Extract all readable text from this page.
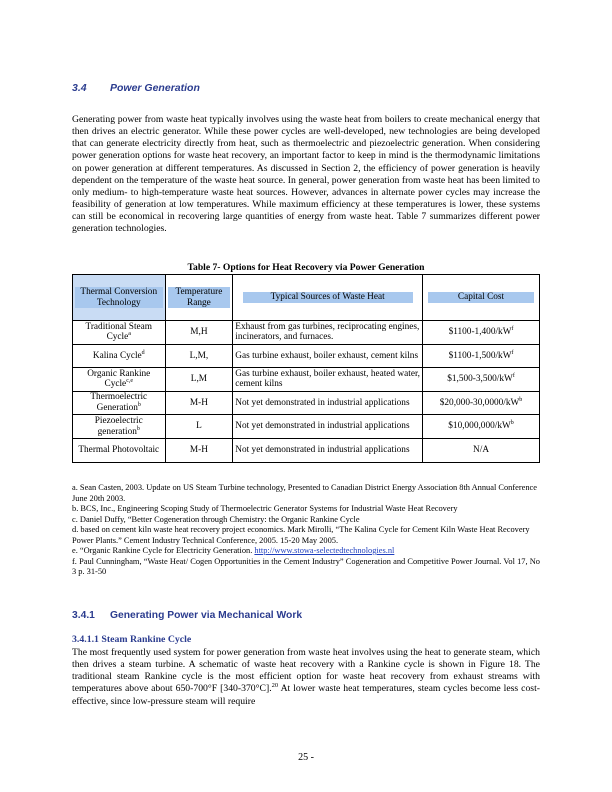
3.4 Power Generation
Generating power from waste heat typically involves using the waste heat from boilers to create mechanical energy that then drives an electric generator. While these power cycles are well-developed, new technologies are being developed that can generate electricity directly from heat, such as thermoelectric and piezoelectric generation. When considering power generation options for waste heat recovery, an important factor to keep in mind is the thermodynamic limitations on power generation at different temperatures. As discussed in Section 2, the efficiency of power generation is heavily dependent on the temperature of the waste heat source. In general, power generation from waste heat has been limited to only medium- to high-temperature waste heat sources. However, advances in alternate power cycles may increase the feasibility of generation at low temperatures. While maximum efficiency at these temperatures is lower, these systems can still be economical in recovering large quantities of energy from waste heat. Table 7 summarizes different power generation technologies.
Table 7- Options for Heat Recovery via Power Generation
Thermal Conversion Technology	Temperature Range	Typical Sources of Waste Heat	Capital Cost
Traditional Steam Cycle$^a$	M,H	Exhaust from gas turbines, reciprocating engines, incinerators, and furnaces.	$\$1100-1,400/kW^f$
Kalina Cycle$^d$	L,M,	Gas turbine exhaust, boiler exhaust, cement kilns	$\$1100-1,500/kW^f$
Organic Rankine Cycle$^{c,e}$	L,M	Gas turbine exhaust, boiler exhaust, heated water, cement kilns	$\$1,500-3,500/kW^f$
Thermoelectric Generation$^b$	M-H	Not yet demonstrated in industrial applications	$\$20,000-30,0000/kW^b$
Piezoelectric generation$^b$	L	Not yet demonstrated in industrial applications	$\$10,000,000/kW^b$
Thermal Photovoltaic	M-H	Not yet demonstrated in industrial applications	N/A
a. Sean Casten, 2003. Update on US Steam Turbine technology, Presented to Canadian District Energy Association 8th Annual Conference June 20th 2003.
b. BCS, Inc., Engineering Scoping Study of Thermoelectric Generator Systems for Industrial Waste Heat Recovery
c. Daniel Duffy, “Better Cogeneration through Chemistry: the Organic Rankine Cycle
d. based on cement kiln waste heat recovery project economics. Mark Mirolli, “The Kalina Cycle for Cement Kiln Waste Heat Recovery Power Plants.” Cement Industry Technical Conference, 2005. 15-20 May 2005.
e. “Organic Rankine Cycle for Electricity Generation. http://www.stowa-selectedtechnologies.nl
f. Paul Cunningham, “Waste Heat/ Cogen Opportunities in the Cement Industry” Cogeneration and Competitive Power Journal. Vol 17, No 3 p. 31-50
3.4.1 Generating Power via Mechanical Work
3.4.1.1 Steam Rankine Cycle
The most frequently used system for power generation from waste heat involves using the heat to generate steam, which then drives a steam turbine. A schematic of waste heat recovery with a Rankine cycle is shown in Figure 18. The traditional steam Rankine cycle is the most efficient option for waste heat recovery from exhaust streams with temperatures above about 650-700°F [340-370°C].$^{20}$ At lower waste heat temperatures, steam cycles become less cost-effective, since low-pressure steam will require
25 -
